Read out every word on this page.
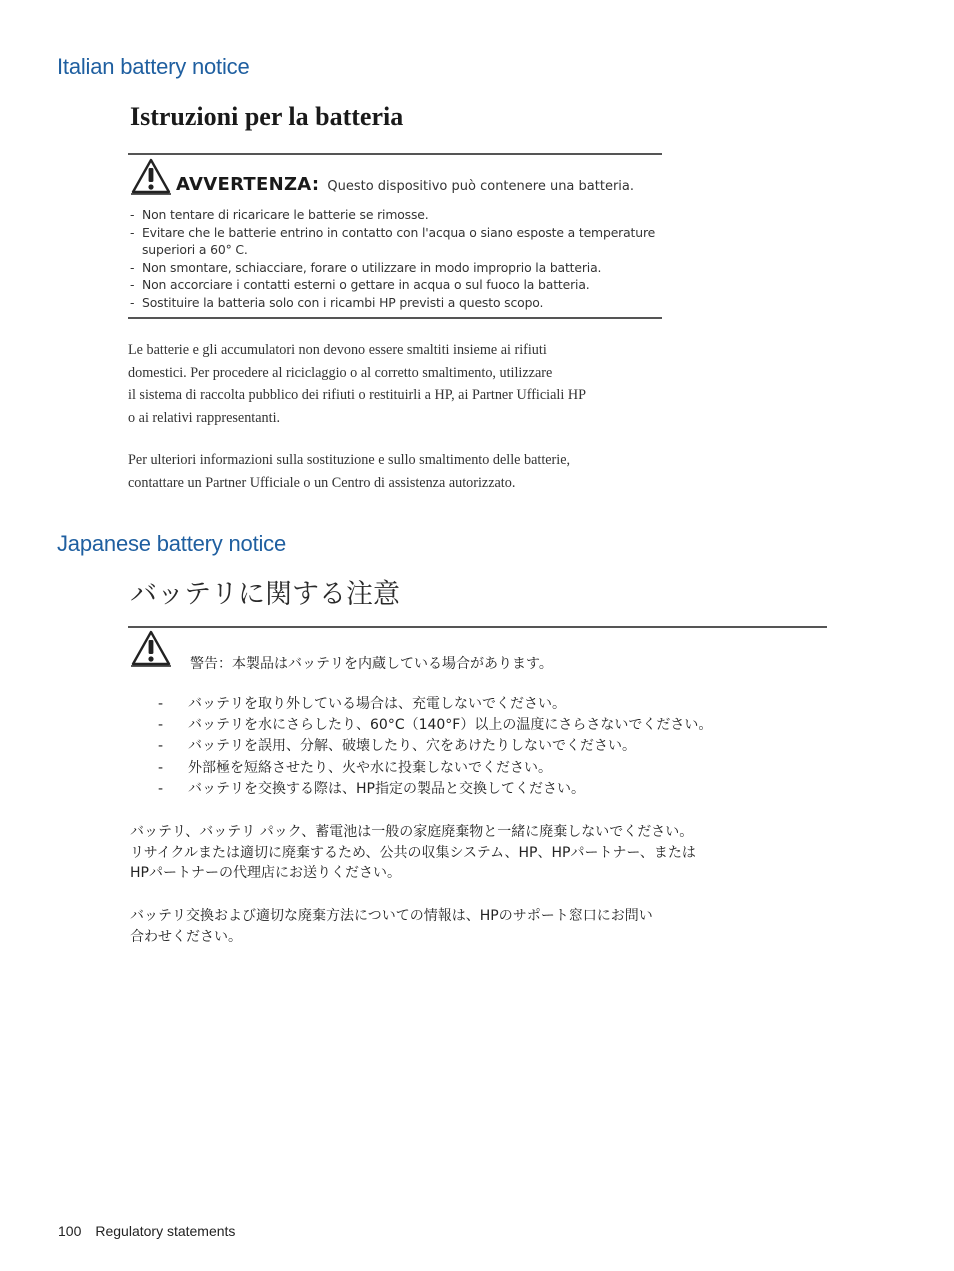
Italian battery notice
Istruzioni per la batteria
AVVERTENZA: Questo dispositivo può contenere una batteria.
- Non tentare di ricaricare le batterie se rimosse.
- Evitare che le batterie entrino in contatto con l'acqua o siano esposte a temperature superiori a 60° C.
- Non smontare, schiacciare, forare o utilizzare in modo improprio la batteria.
- Non accorciare i contatti esterni o gettare in acqua o sul fuoco la batteria.
- Sostituire la batteria solo con i ricambi HP previsti a questo scopo.

Le batterie e gli accumulatori non devono essere smaltiti insieme ai rifiuti
domestici. Per procedere al riciclaggio o al corretto smaltimento, utilizzare
il sistema di raccolta pubblico dei rifiuti o restituirli a HP, ai Partner Ufficiali HP
o ai relativi rappresentanti.

Per ulteriori informazioni sulla sostituzione e sullo smaltimento delle batterie,
contattare un Partner Ufficiale o un Centro di assistenza autorizzato.

Japanese battery notice
バッテリに関する注意
警告：本製品はバッテリを内蔵している場合があります。
- バッテリを取り外している場合は、充電しないでください。
- バッテリを水にさらしたり、60°C（140°F）以上の温度にさらさないでください。
- バッテリを誤用、分解、破壊したり、穴をあけたりしないでください。
- 外部極を短絡させたり、火や水に投棄しないでください。
- バッテリを交換する際は、HP指定の製品と交換してください。

バッテリ、バッテリ パック、蓄電池は一般の家庭廃棄物と一緒に廃棄しないでください。
リサイクルまたは適切に廃棄するため、公共の収集システム、HP、HPパートナー、または
HPパートナーの代理店にお送りください。

バッテリ交換および適切な廃棄方法についての情報は、HPのサポート窓口にお問い
合わせください。

100 Regulatory statements
